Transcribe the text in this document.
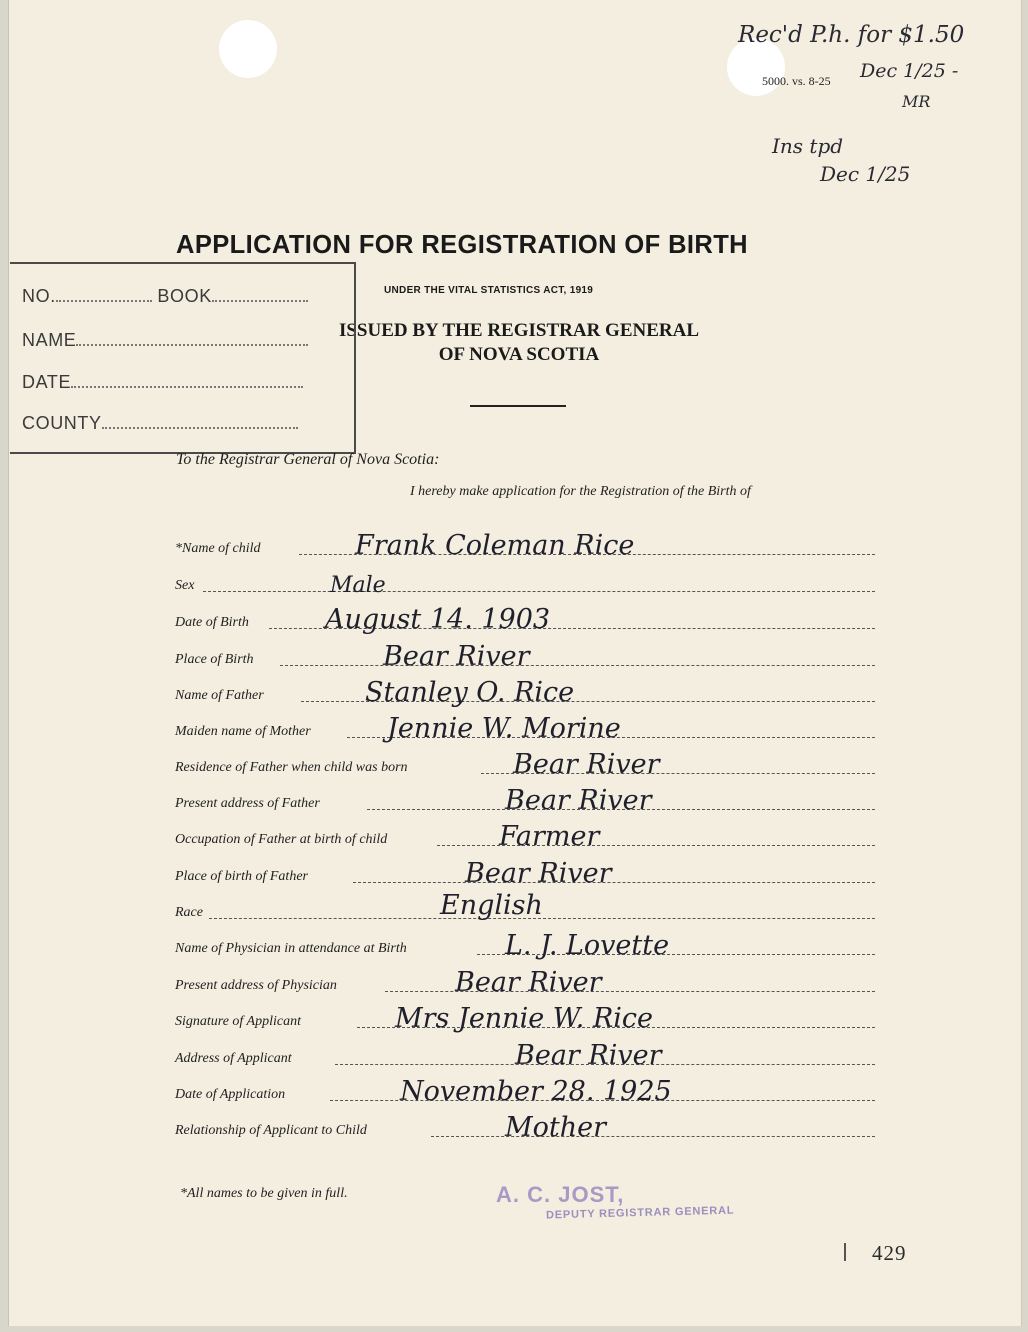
Rec'd P.h. for $1.50
Dec 1/25 -
MR
Ins tpd
Dec 1/25
5000. vs. 8-25
APPLICATION FOR REGISTRATION OF BIRTH
UNDER THE VITAL STATISTICS ACT, 1919
ISSUED BY THE REGISTRAR GENERAL
OF NOVA SCOTIA
NO.	BOOK
NAME
DATE
COUNTY
To the Registrar General of Nova Scotia:
I hereby make application for the Registration of the Birth of
*Name of child	Frank Coleman Rice
Sex	Male
Date of Birth	August 14. 1903
Place of Birth	Bear River
Name of Father	Stanley O. Rice
Maiden name of Mother	Jennie W. Morine
Residence of Father when child was born	Bear River
Present address of Father	Bear River
Occupation of Father at birth of child	Farmer
Place of birth of Father	Bear River
Race	English
Name of Physician in attendance at Birth	L. J. Lovette
Present address of Physician	Bear River
Signature of Applicant	Mrs Jennie W. Rice
Address of Applicant	Bear River
Date of Application	November 28. 1925
Relationship of Applicant to Child	Mother
*All names to be given in full.	A. C. JOST,
DEPUTY REGISTRAR GENERAL
429
